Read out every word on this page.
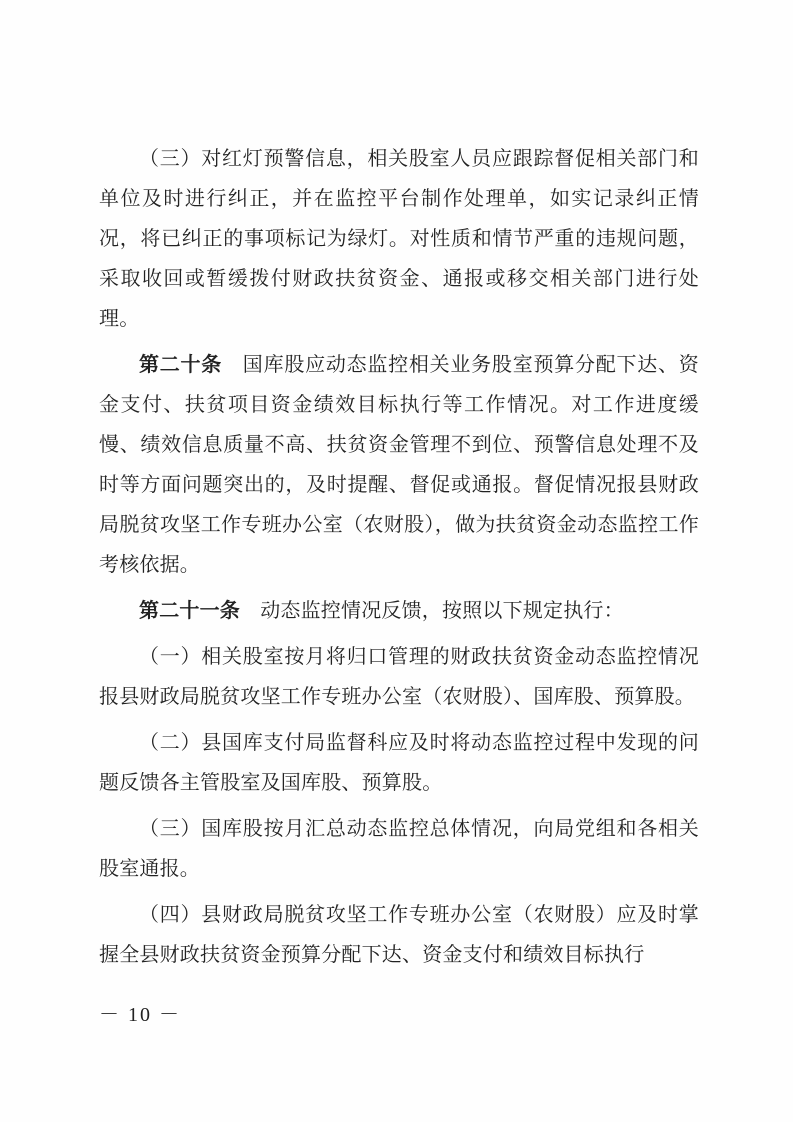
（三）对红灯预警信息，相关股室人员应跟踪督促相关部门和单位及时进行纠正，并在监控平台制作处理单，如实记录纠正情况，将已纠正的事项标记为绿灯。对性质和情节严重的违规问题，采取收回或暂缓拨付财政扶贫资金、通报或移交相关部门进行处理。

第二十条　国库股应动态监控相关业务股室预算分配下达、资金支付、扶贫项目资金绩效目标执行等工作情况。对工作进度缓慢、绩效信息质量不高、扶贫资金管理不到位、预警信息处理不及时等方面问题突出的，及时提醒、督促或通报。督促情况报县财政局脱贫攻坚工作专班办公室（农财股），做为扶贫资金动态监控工作考核依据。

第二十一条　动态监控情况反馈，按照以下规定执行：

（一）相关股室按月将归口管理的财政扶贫资金动态监控情况报县财政局脱贫攻坚工作专班办公室（农财股）、国库股、预算股。

（二）县国库支付局监督科应及时将动态监控过程中发现的问题反馈各主管股室及国库股、预算股。

（三）国库股按月汇总动态监控总体情况，向局党组和各相关股室通报。

（四）县财政局脱贫攻坚工作专班办公室（农财股）应及时掌握全县财政扶贫资金预算分配下达、资金支付和绩效目标执行

－ 10 －
